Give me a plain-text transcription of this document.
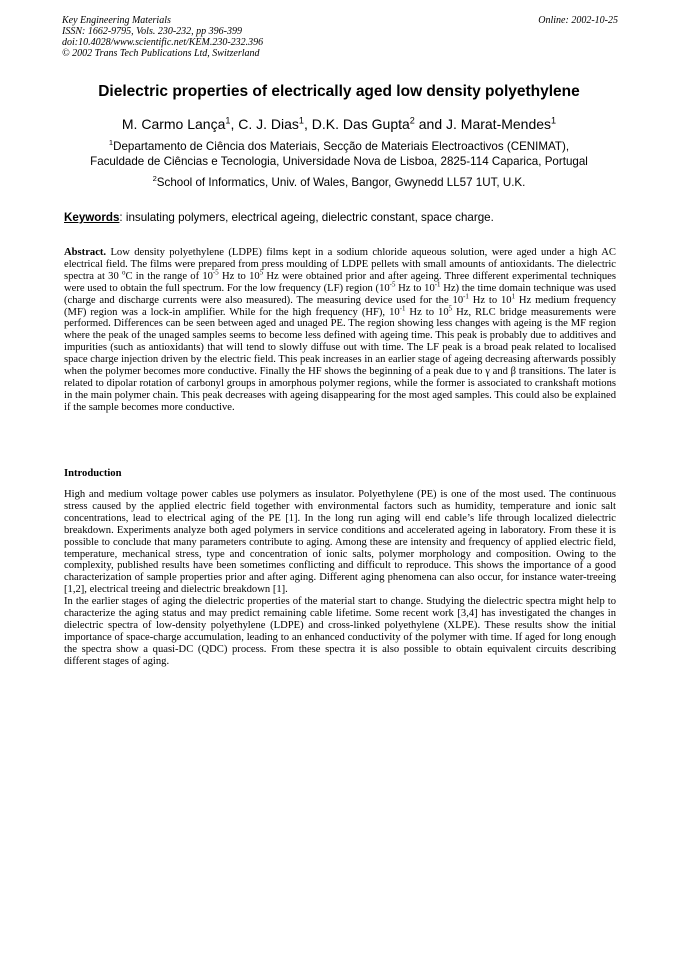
Key Engineering Materials
ISSN: 1662-9795, Vols. 230-232, pp 396-399
doi:10.4028/www.scientific.net/KEM.230-232.396
© 2002 Trans Tech Publications Ltd, Switzerland
Online: 2002-10-25
Dielectric properties of electrically aged low density polyethylene
M. Carmo Lança$^1$, C. J. Dias$^1$, D.K. Das Gupta$^2$ and J. Marat-Mendes$^1$
$^1$Departamento de Ciência dos Materiais, Secção de Materiais Electroactivos (CENIMAT),
Faculdade de Ciências e Tecnologia, Universidade Nova de Lisboa, 2825-114 Caparica, Portugal
$^2$School of Informatics, Univ. of Wales, Bangor, Gwynedd LL57 1UT, U.K.
Keywords: insulating polymers, electrical ageing, dielectric constant, space charge.
Abstract. Low density polyethylene (LDPE) films kept in a sodium chloride aqueous solution, were aged under a high AC electrical field. The films were prepared from press moulding of LDPE pellets with small amounts of antioxidants. The dielectric spectra at 30 $^o$C in the range of $10^{-5}$ Hz to $10^5$ Hz were obtained prior and after ageing. Three different experimental techniques were used to obtain the full spectrum. For the low frequency (LF) region ($10^{-5}$ Hz to $10^{-1}$ Hz) the time domain technique was used (charge and discharge currents were also measured). The measuring device used for the $10^{-1}$ Hz to $10^1$ Hz medium frequency (MF) region was a lock-in amplifier. While for the high frequency (HF), $10^{-1}$ Hz to $10^5$ Hz, RLC bridge measurements were performed. Differences can be seen between aged and unaged PE. The region showing less changes with ageing is the MF region where the peak of the unaged samples seems to become less defined with ageing time. This peak is probably due to additives and impurities (such as antioxidants) that will tend to slowly diffuse out with time. The LF peak is a broad peak related to localised space charge injection driven by the electric field. This peak increases in an earlier stage of ageing decreasing afterwards possibly when the polymer becomes more conductive. Finally the HF shows the beginning of a peak due to γ and β transitions. The later is related to dipolar rotation of carbonyl groups in amorphous polymer regions, while the former is associated to crankshaft motions in the main polymer chain. This peak decreases with ageing disappearing for the most aged samples. This could also be explained if the sample becomes more conductive.
Introduction

High and medium voltage power cables use polymers as insulator. Polyethylene (PE) is one of the most used. The continuous stress caused by the applied electric field together with environmental factors such as humidity, temperature and ionic salt concentrations, lead to electrical aging of the PE [1]. In the long run aging will end cable’s life through localized dielectric breakdown. Experiments analyze both aged polymers in service conditions and accelerated ageing in laboratory. From these it is possible to conclude that many parameters contribute to aging. Among these are intensity and frequency of applied electric field, temperature, mechanical stress, type and concentration of ionic salts, polymer morphology and composition. Owing to the complexity, published results have been sometimes conflicting and difficult to reproduce. This shows the importance of a good characterization of sample properties prior and after aging. Different aging phenomena can also occur, for instance water-treeing [1,2], electrical treeing and dielectric breakdown [1].

In the earlier stages of aging the dielectric properties of the material start to change. Studying the dielectric spectra might help to characterize the aging status and may predict remaining cable lifetime. Some recent work [3,4] has investigated the changes in dielectric spectra of low-density polyethylene (LDPE) and cross-linked polyethylene (XLPE). These results show the initial importance of space-charge accumulation, leading to an enhanced conductivity of the polymer with time. If aged for long enough the spectra show a quasi-DC (QDC) process. From these spectra it is also possible to obtain equivalent circuits describing different stages of aging.
